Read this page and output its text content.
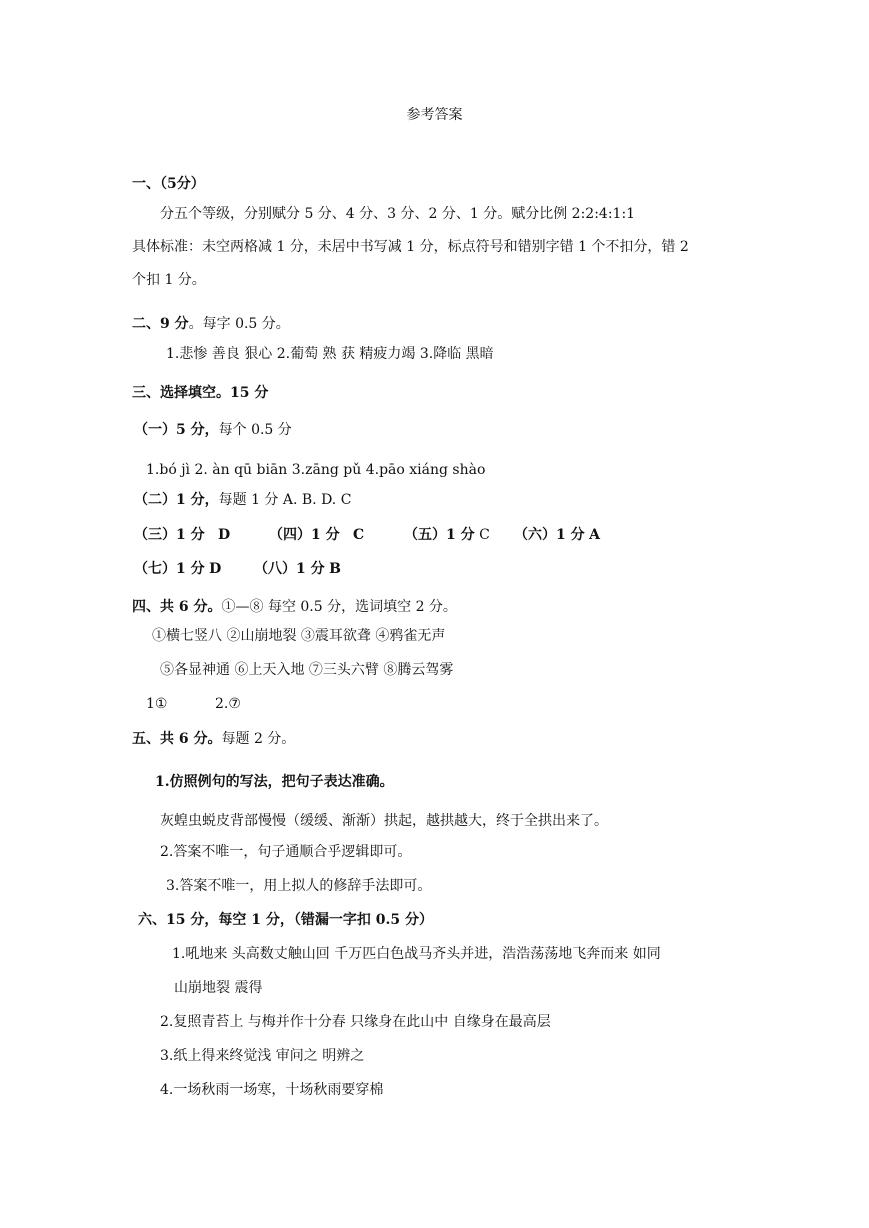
参考答案
一、（5分）
分五个等级，分别赋分 5 分、4 分、3 分、2 分、1 分。赋分比例 2:2:4:1:1
具体标准：未空两格减 1 分，未居中书写减 1 分，标点符号和错别字错 1 个不扣分，错 2
个扣 1 分。
二、9 分。每字 0.5 分。
1.悲惨 善良 狠心 2.葡萄 熟 获 精疲力竭 3.降临 黑暗
三、选择填空。15 分
（一）5 分，每个 0.5 分
1.bó jì 2. àn qū biān 3.zāng pǔ 4.pāo xiáng shào
（二）1 分，每题 1 分 A. B. D. C
（三）1 分 D	（四）1 分 C	（五）1 分 C （六）1 分 A
（七）1 分 D （八）1 分 B
四、共 6 分。①—⑧ 每空 0.5 分，选词填空 2 分。
①横七竖八 ②山崩地裂 ③震耳欲聋 ④鸦雀无声
⑤各显神通 ⑥上天入地 ⑦三头六臂 ⑧腾云驾雾
1①	2.⑦
五、共 6 分。每题 2 分。
1.仿照例句的写法，把句子表达准确。
灰蝗虫蜕皮背部慢慢（缓缓、渐渐）拱起，越拱越大，终于全拱出来了。
2.答案不唯一，句子通顺合乎逻辑即可。
3.答案不唯一，用上拟人的修辞手法即可。
六、15 分，每空 1 分，（错漏一字扣 0.5 分）
1.吼地来 头高数丈触山回 千万匹白色战马齐头并进，浩浩荡荡地飞奔而来 如同
山崩地裂 震得
2.复照青苔上 与梅并作十分春 只缘身在此山中 自缘身在最高层
3.纸上得来终觉浅 审问之 明辨之
4.一场秋雨一场寒，十场秋雨要穿棉
